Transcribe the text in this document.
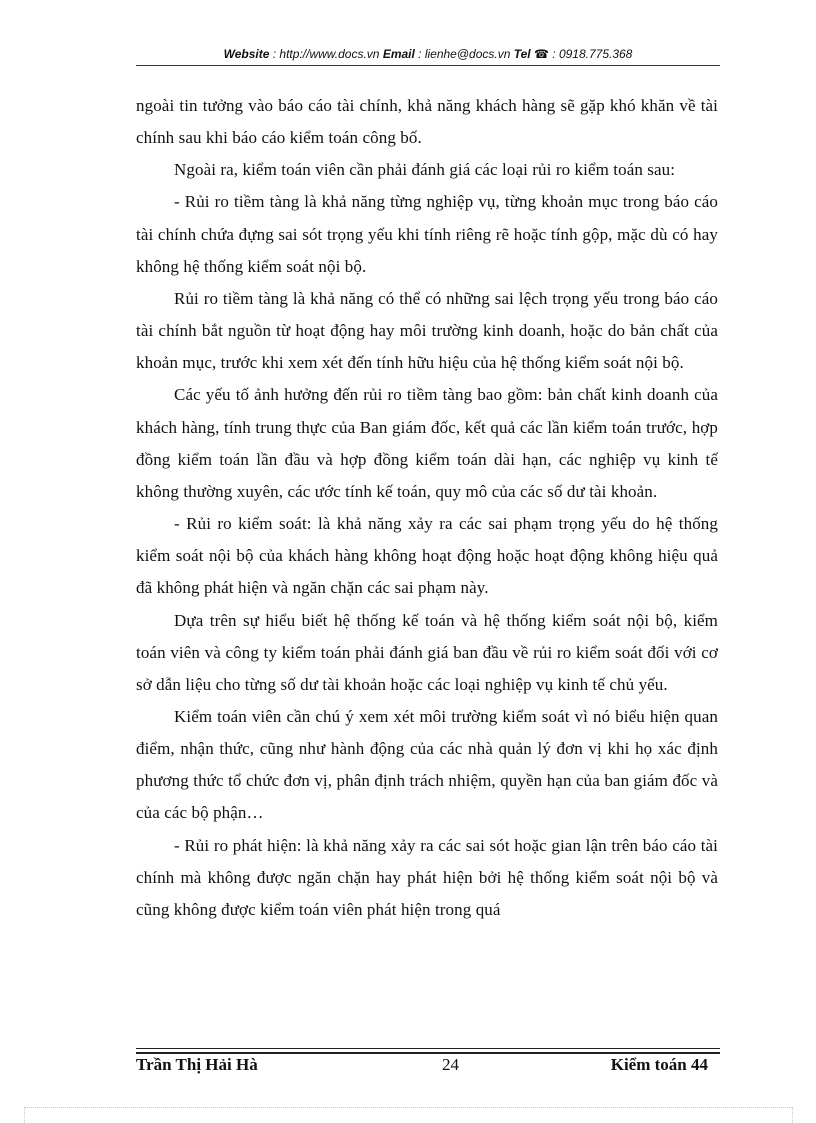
Website : http://www.docs.vn Email : lienhe@docs.vn Tel ☎ : 0918.775.368

ngoài tin tưởng vào báo cáo tài chính, khả năng khách hàng sẽ gặp khó khăn về tài chính sau khi báo cáo kiểm toán công bố.

Ngoài ra, kiểm toán viên cần phải đánh giá các loại rủi ro kiểm toán sau:

- Rủi ro tiềm tàng là khả năng từng nghiệp vụ, từng khoản mục trong báo cáo tài chính chứa đựng sai sót trọng yếu khi tính riêng rẽ hoặc tính gộp, mặc dù có hay không hệ thống kiểm soát nội bộ.

Rủi ro tiềm tàng là khả năng có thể có những sai lệch trọng yếu trong báo cáo tài chính bắt nguồn từ hoạt động hay môi trường kinh doanh, hoặc do bản chất của khoản mục, trước khi xem xét đến tính hữu hiệu của hệ thống kiểm soát nội bộ.

Các yếu tố ảnh hưởng đến rủi ro tiềm tàng bao gồm: bản chất kinh doanh của khách hàng, tính trung thực của Ban giám đốc, kết quả các lần kiểm toán trước, hợp đồng kiểm toán lần đầu và hợp đồng kiểm toán dài hạn, các nghiệp vụ kinh tế không thường xuyên, các ước tính kế toán, quy mô của các số dư tài khoản.

- Rủi ro kiểm soát: là khả năng xảy ra các sai phạm trọng yếu do hệ thống kiểm soát nội bộ của khách hàng không hoạt động hoặc hoạt động không hiệu quả đã không phát hiện và ngăn chặn các sai phạm này.

Dựa trên sự hiểu biết hệ thống kế toán và hệ thống kiểm soát nội bộ, kiểm toán viên và công ty kiểm toán phải đánh giá ban đầu về rủi ro kiểm soát đối với cơ sở dẫn liệu cho từng số dư tài khoản hoặc các loại nghiệp vụ kinh tế chủ yếu.

Kiểm toán viên cần chú ý xem xét môi trường kiểm soát vì nó biểu hiện quan điểm, nhận thức, cũng như hành động của các nhà quản lý đơn vị khi họ xác định phương thức tổ chức đơn vị, phân định trách nhiệm, quyền hạn của ban giám đốc và của các bộ phận…

- Rủi ro phát hiện: là khả năng xảy ra các sai sót hoặc gian lận trên báo cáo tài chính mà không được ngăn chặn hay phát hiện bởi hệ thống kiểm soát nội bộ và cũng không được kiểm toán viên phát hiện trong quá

Trần Thị Hải Hà	24	Kiểm toán 44
